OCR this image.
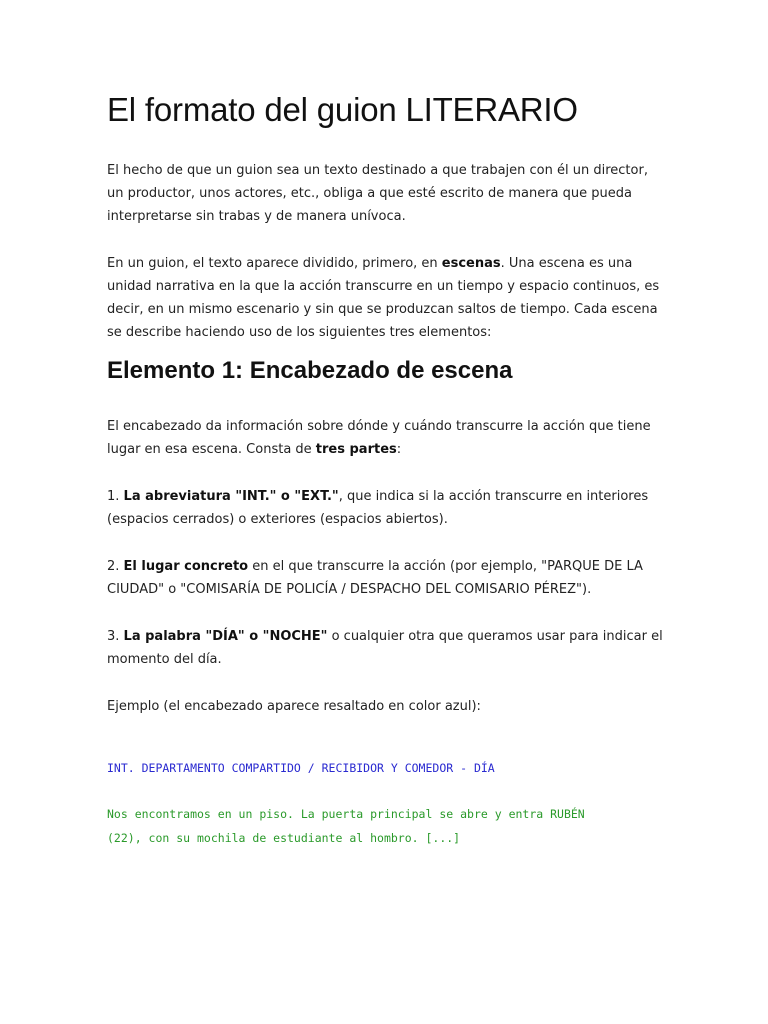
El formato del guion LITERARIO

El hecho de que un guion sea un texto destinado a que trabajen con él un director, un productor, unos actores, etc., obliga a que esté escrito de manera que pueda interpretarse sin trabas y de manera unívoca.

En un guion, el texto aparece dividido, primero, en escenas. Una escena es una unidad narrativa en la que la acción transcurre en un tiempo y espacio continuos, es decir, en un mismo escenario y sin que se produzcan saltos de tiempo. Cada escena se describe haciendo uso de los siguientes tres elementos:

Elemento 1: Encabezado de escena

El encabezado da información sobre dónde y cuándo transcurre la acción que tiene lugar en esa escena. Consta de tres partes:

1. La abreviatura "INT." o "EXT.", que indica si la acción transcurre en interiores (espacios cerrados) o exteriores (espacios abiertos).

2. El lugar concreto en el que transcurre la acción (por ejemplo, "PARQUE DE LA CIUDAD" o "COMISARÍA DE POLICÍA / DESPACHO DEL COMISARIO PÉREZ").

3. La palabra "DÍA" o "NOCHE" o cualquier otra que queramos usar para indicar el momento del día.

Ejemplo (el encabezado aparece resaltado en color azul):

INT. DEPARTAMENTO COMPARTIDO / RECIBIDOR Y COMEDOR - DÍA
Nos encontramos en un piso. La puerta principal se abre y entra RUBÉN
(22), con su mochila de estudiante al hombro. [...]
